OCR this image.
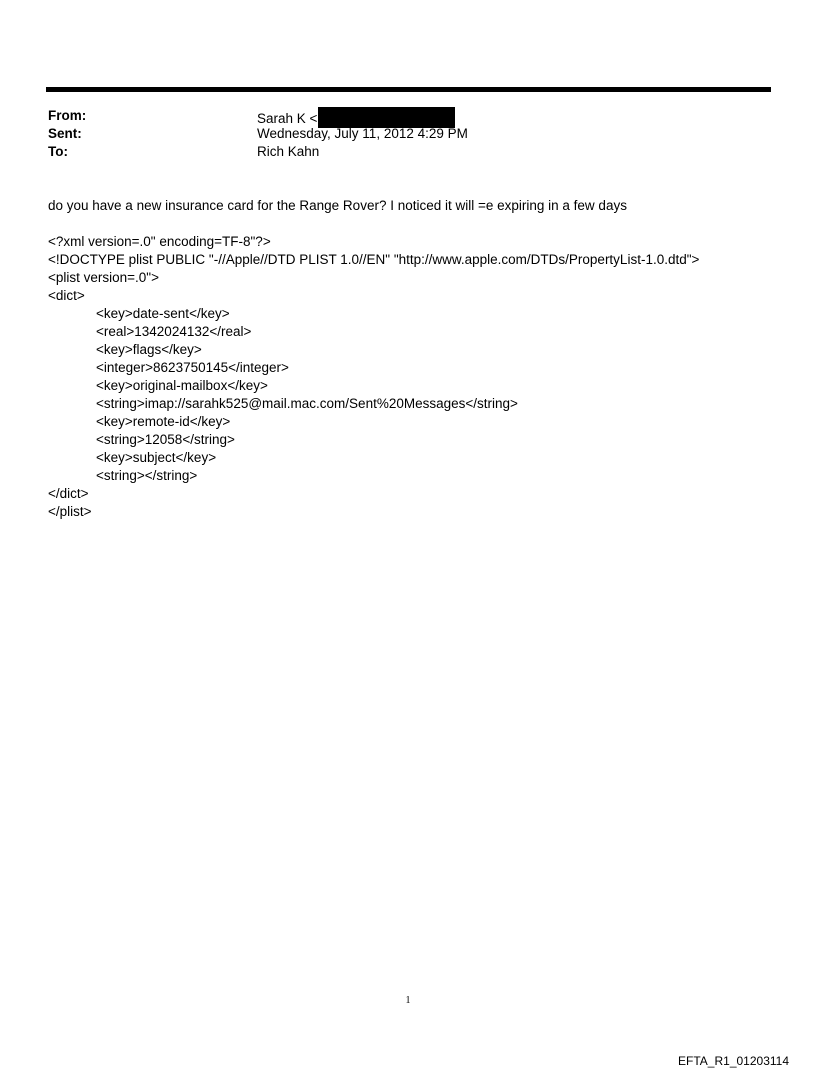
From:	Sarah K <
Sent:	Wednesday, July 11, 2012 4:29 PM
To:	Rich Kahn
do you have a new insurance card for the Range Rover? I noticed it will =e expiring in a few days
<?xml version=.0" encoding=TF-8"?>
<!DOCTYPE plist PUBLIC "-//Apple//DTD PLIST 1.0//EN" "http://www.apple.com/DTDs/PropertyList-1.0.dtd">
<plist version=.0">
<dict>
<key>date-sent</key>
<real>1342024132</real>
<key>flags</key>
<integer>8623750145</integer>
<key>original-mailbox</key>
<string>imap://sarahk525@mail.mac.com/Sent%20Messages</string>
<key>remote-id</key>
<string>12058</string>
<key>subject</key>
<string></string>
</dict>
</plist>
1
EFTA_R1_01203114
